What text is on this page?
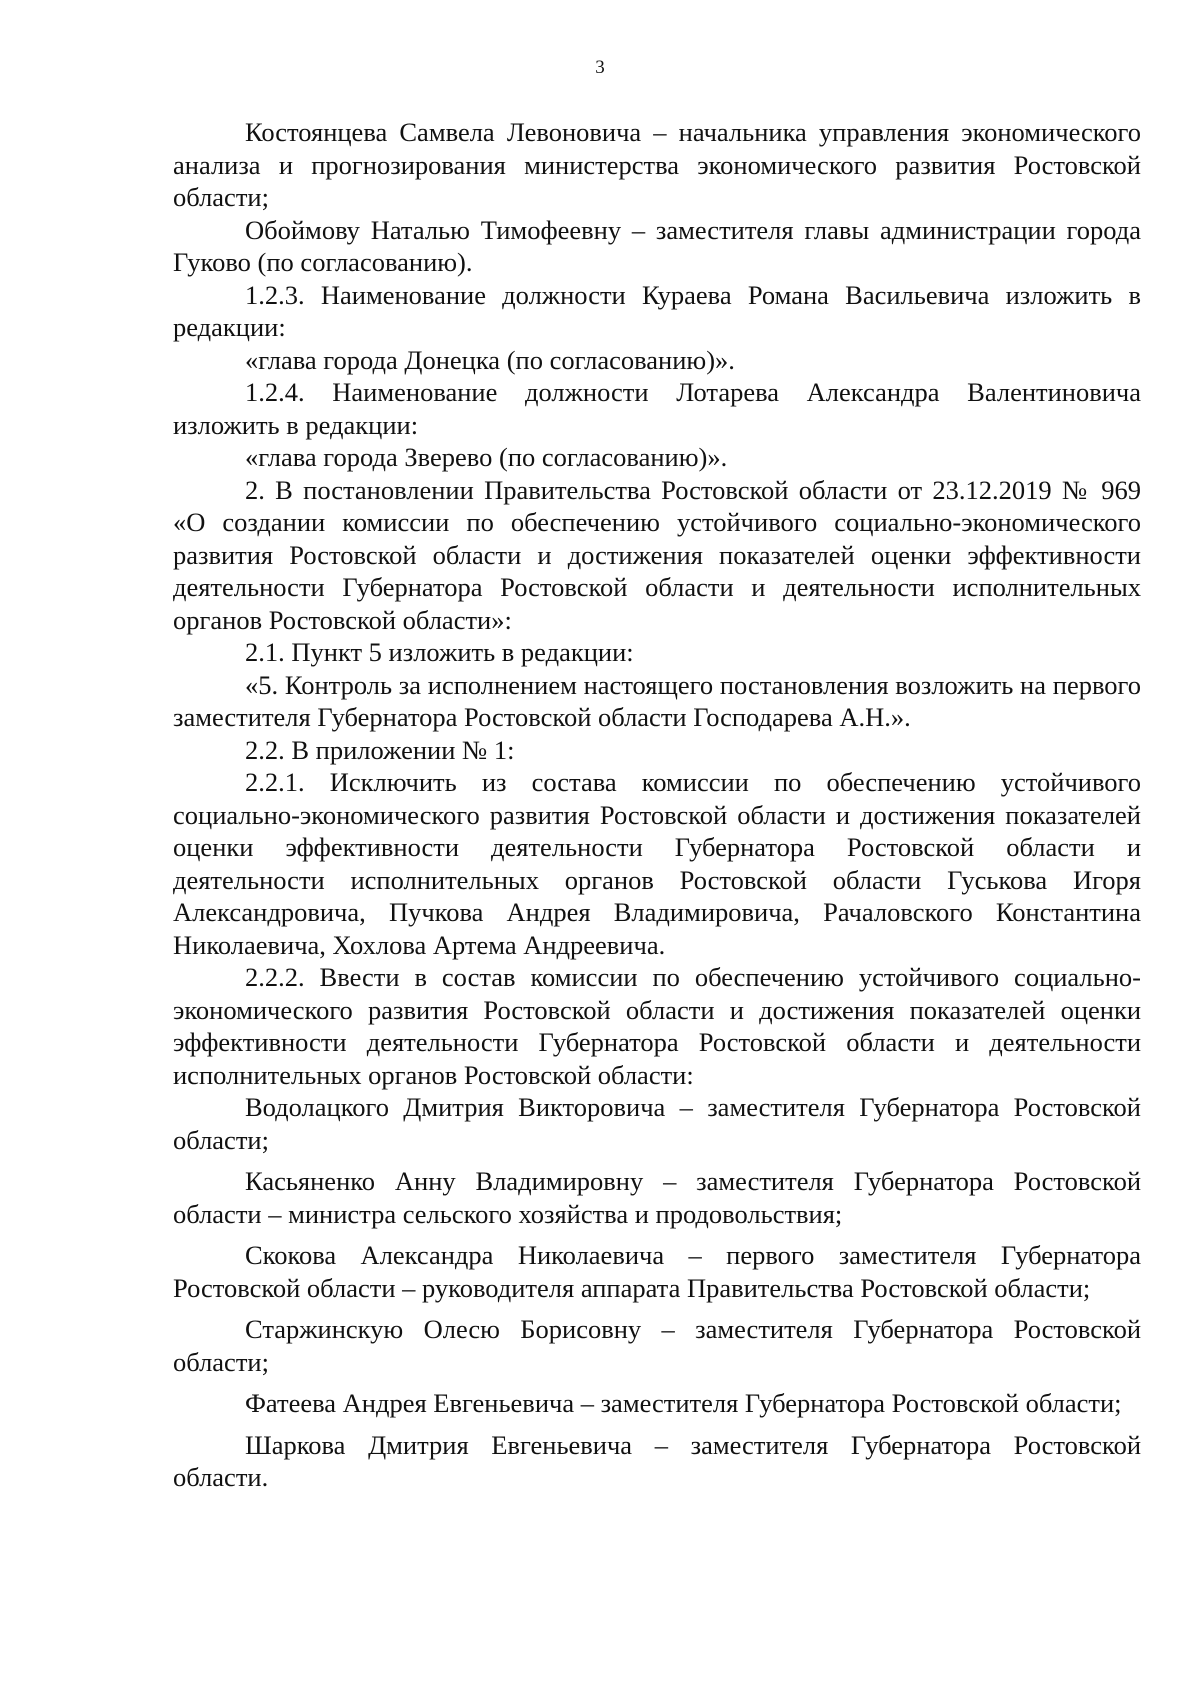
3

Костоянцева Самвела Левоновича – начальника управления экономического анализа и прогнозирования министерства экономического развития Ростовской области;

Обоймову Наталью Тимофеевну – заместителя главы администрации города Гуково (по согласованию).

1.2.3. Наименование должности Кураева Романа Васильевича изложить в редакции:

«глава города Донецка (по согласованию)».

1.2.4. Наименование должности Лотарева Александра Валентиновича изложить в редакции:

«глава города Зверево (по согласованию)».

2. В постановлении Правительства Ростовской области от 23.12.2019 № 969 «О создании комиссии по обеспечению устойчивого социально-экономического развития Ростовской области и достижения показателей оценки эффективности деятельности Губернатора Ростовской области и деятельности исполнительных органов Ростовской области»:

2.1. Пункт 5 изложить в редакции:

«5. Контроль за исполнением настоящего постановления возложить на первого заместителя Губернатора Ростовской области Господарева А.Н.».

2.2. В приложении № 1:

2.2.1. Исключить из состава комиссии по обеспечению устойчивого социально-экономического развития Ростовской области и достижения показателей оценки эффективности деятельности Губернатора Ростовской области и деятельности исполнительных органов Ростовской области Гуськова Игоря Александровича, Пучкова Андрея Владимировича, Рачаловского Константина Николаевича, Хохлова Артема Андреевича.

2.2.2. Ввести в состав комиссии по обеспечению устойчивого социально-экономического развития Ростовской области и достижения показателей оценки эффективности деятельности Губернатора Ростовской области и деятельности исполнительных органов Ростовской области:

Водолацкого Дмитрия Викторовича – заместителя Губернатора Ростовской области;

Касьяненко Анну Владимировну – заместителя Губернатора Ростовской области – министра сельского хозяйства и продовольствия;

Скокова Александра Николаевича – первого заместителя Губернатора Ростовской области – руководителя аппарата Правительства Ростовской области;

Старжинскую Олесю Борисовну – заместителя Губернатора Ростовской области;

Фатеева Андрея Евгеньевича – заместителя Губернатора Ростовской области;

Шаркова Дмитрия Евгеньевича – заместителя Губернатора Ростовской области.
